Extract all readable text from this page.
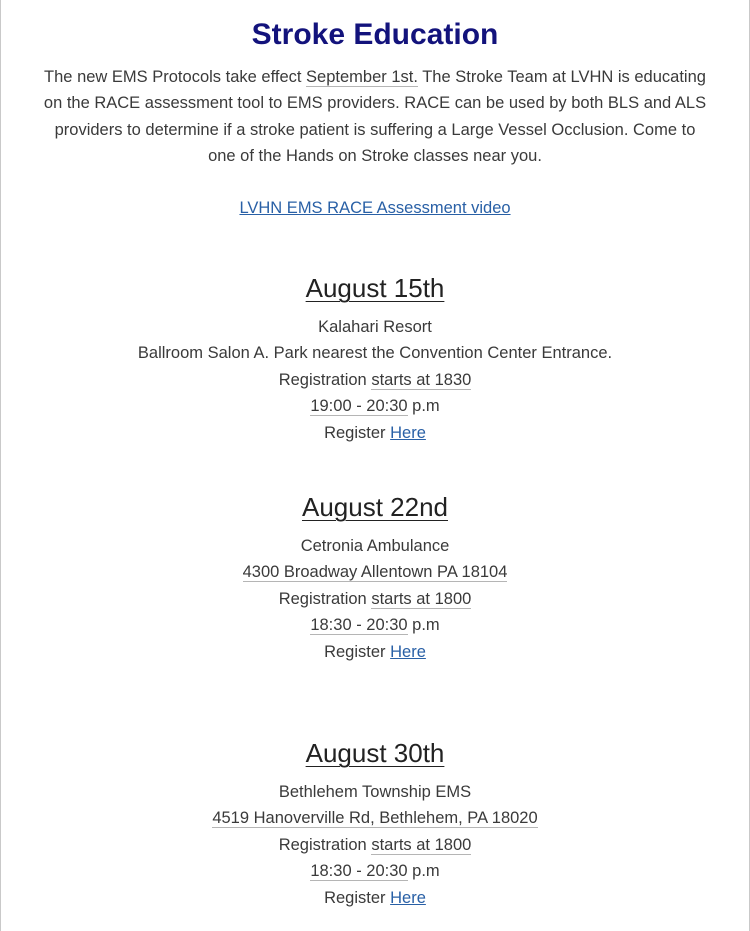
Stroke Education
The new EMS Protocols take effect September 1st. The Stroke Team at LVHN is educating on the RACE assessment tool to EMS providers. RACE can be used by both BLS and ALS providers to determine if a stroke patient is suffering a Large Vessel Occlusion. Come to one of the Hands on Stroke classes near you.
LVHN EMS RACE Assessment video
August 15th
Kalahari Resort
Ballroom Salon A. Park nearest the Convention Center Entrance.
Registration starts at 1830
19:00 - 20:30 p.m
Register Here
August 22nd
Cetronia Ambulance
4300 Broadway Allentown PA 18104
Registration starts at 1800
18:30 - 20:30 p.m
Register Here
August 30th
Bethlehem Township EMS
4519 Hanoverville Rd, Bethlehem, PA 18020
Registration starts at 1800
18:30 - 20:30 p.m
Register Here
